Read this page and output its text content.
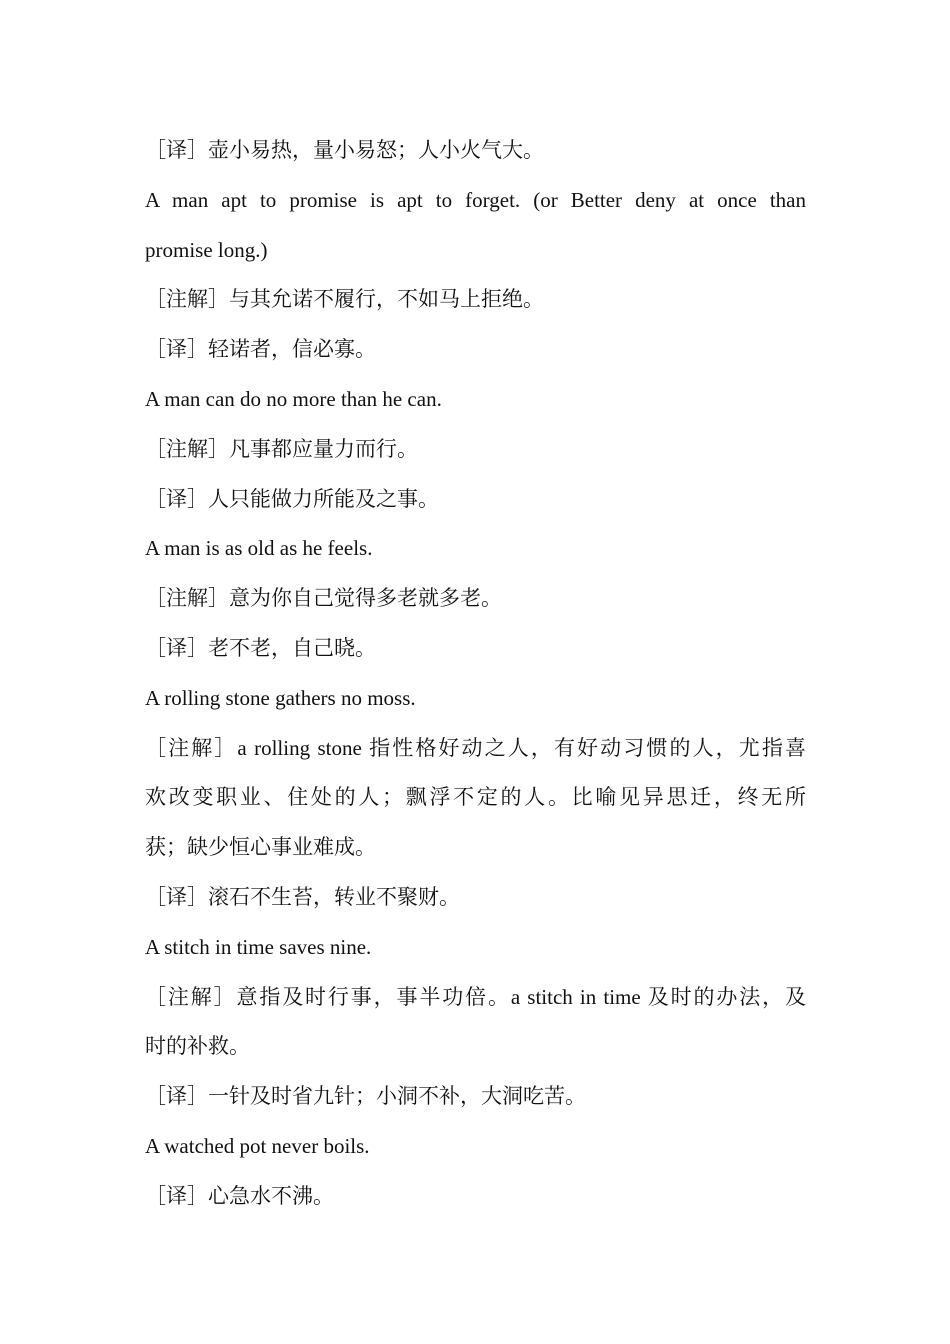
［译］壶小易热，量小易怒；人小火气大。

A man apt to promise is apt to forget. (or Better deny at once than

promise long.)

［注解］与其允诺不履行，不如马上拒绝。

［译］轻诺者，信必寡。

A man can do no more than he can.

［注解］凡事都应量力而行。

［译］人只能做力所能及之事。

A man is as old as he feels.

［注解］意为你自己觉得多老就多老。

［译］老不老，自己晓。

A rolling stone gathers no moss.

［注解］a rolling stone 指性格好动之人，有好动习惯的人，尤指喜

欢改变职业、住处的人；飘浮不定的人。比喻见异思迁，终无所

获；缺少恒心事业难成。

［译］滚石不生苔，转业不聚财。

A stitch in time saves nine.

［注解］意指及时行事，事半功倍。a stitch in time 及时的办法，及

时的补救。

［译］一针及时省九针；小洞不补，大洞吃苦。

A watched pot never boils.

［译］心急水不沸。
